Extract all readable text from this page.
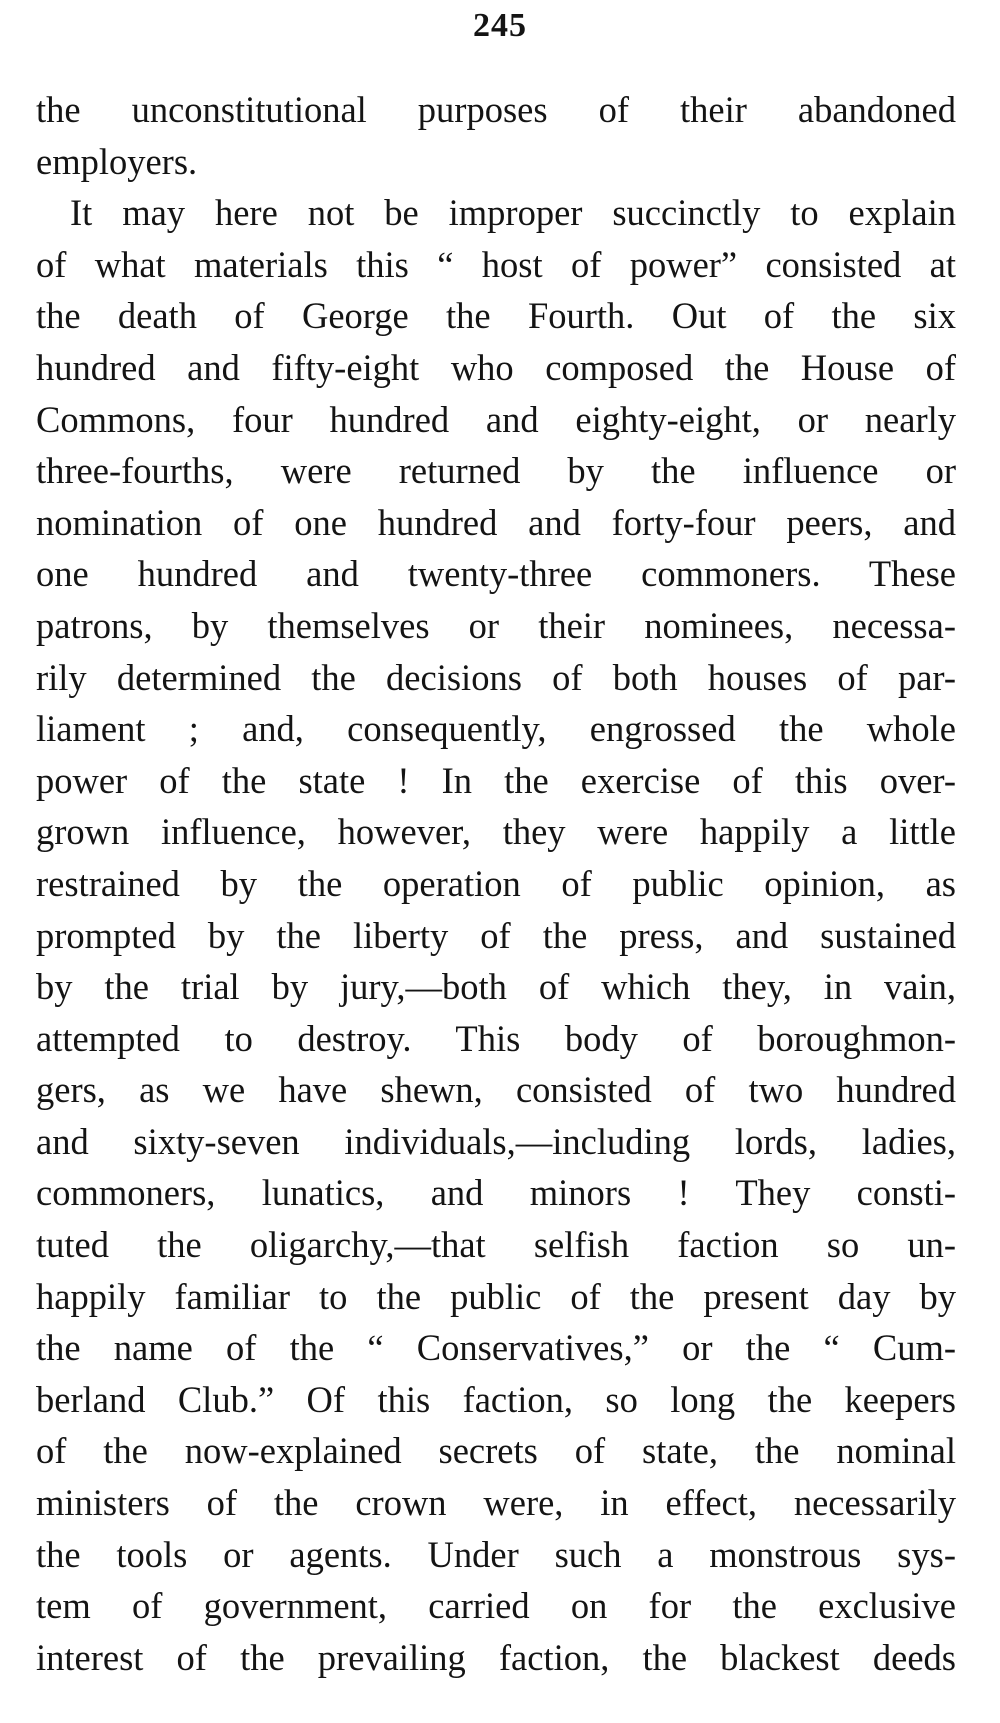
245
the unconstitutional purposes of their abandoned
employers.
It may here not be improper succinctly to explain
of what materials this “ host of power” consisted at
the death of George the Fourth. Out of the six
hundred and fifty-eight who composed the House of
Commons, four hundred and eighty-eight, or nearly
three-fourths, were returned by the influence or
nomination of one hundred and forty-four peers, and
one hundred and twenty-three commoners. These
patrons, by themselves or their nominees, necessa-
rily determined the decisions of both houses of par-
liament ; and, consequently, engrossed the whole
power of the state ! In the exercise of this over-
grown influence, however, they were happily a little
restrained by the operation of public opinion, as
prompted by the liberty of the press, and sustained
by the trial by jury,—both of which they, in vain,
attempted to destroy. This body of boroughmon-
gers, as we have shewn, consisted of two hundred
and sixty-seven individuals,—including lords, ladies,
commoners, lunatics, and minors ! They consti-
tuted the oligarchy,—that selfish faction so un-
happily familiar to the public of the present day by
the name of the “ Conservatives,” or the “ Cum-
berland Club.” Of this faction, so long the keepers
of the now-explained secrets of state, the nominal
ministers of the crown were, in effect, necessarily
the tools or agents. Under such a monstrous sys-
tem of government, carried on for the exclusive
interest of the prevailing faction, the blackest deeds
